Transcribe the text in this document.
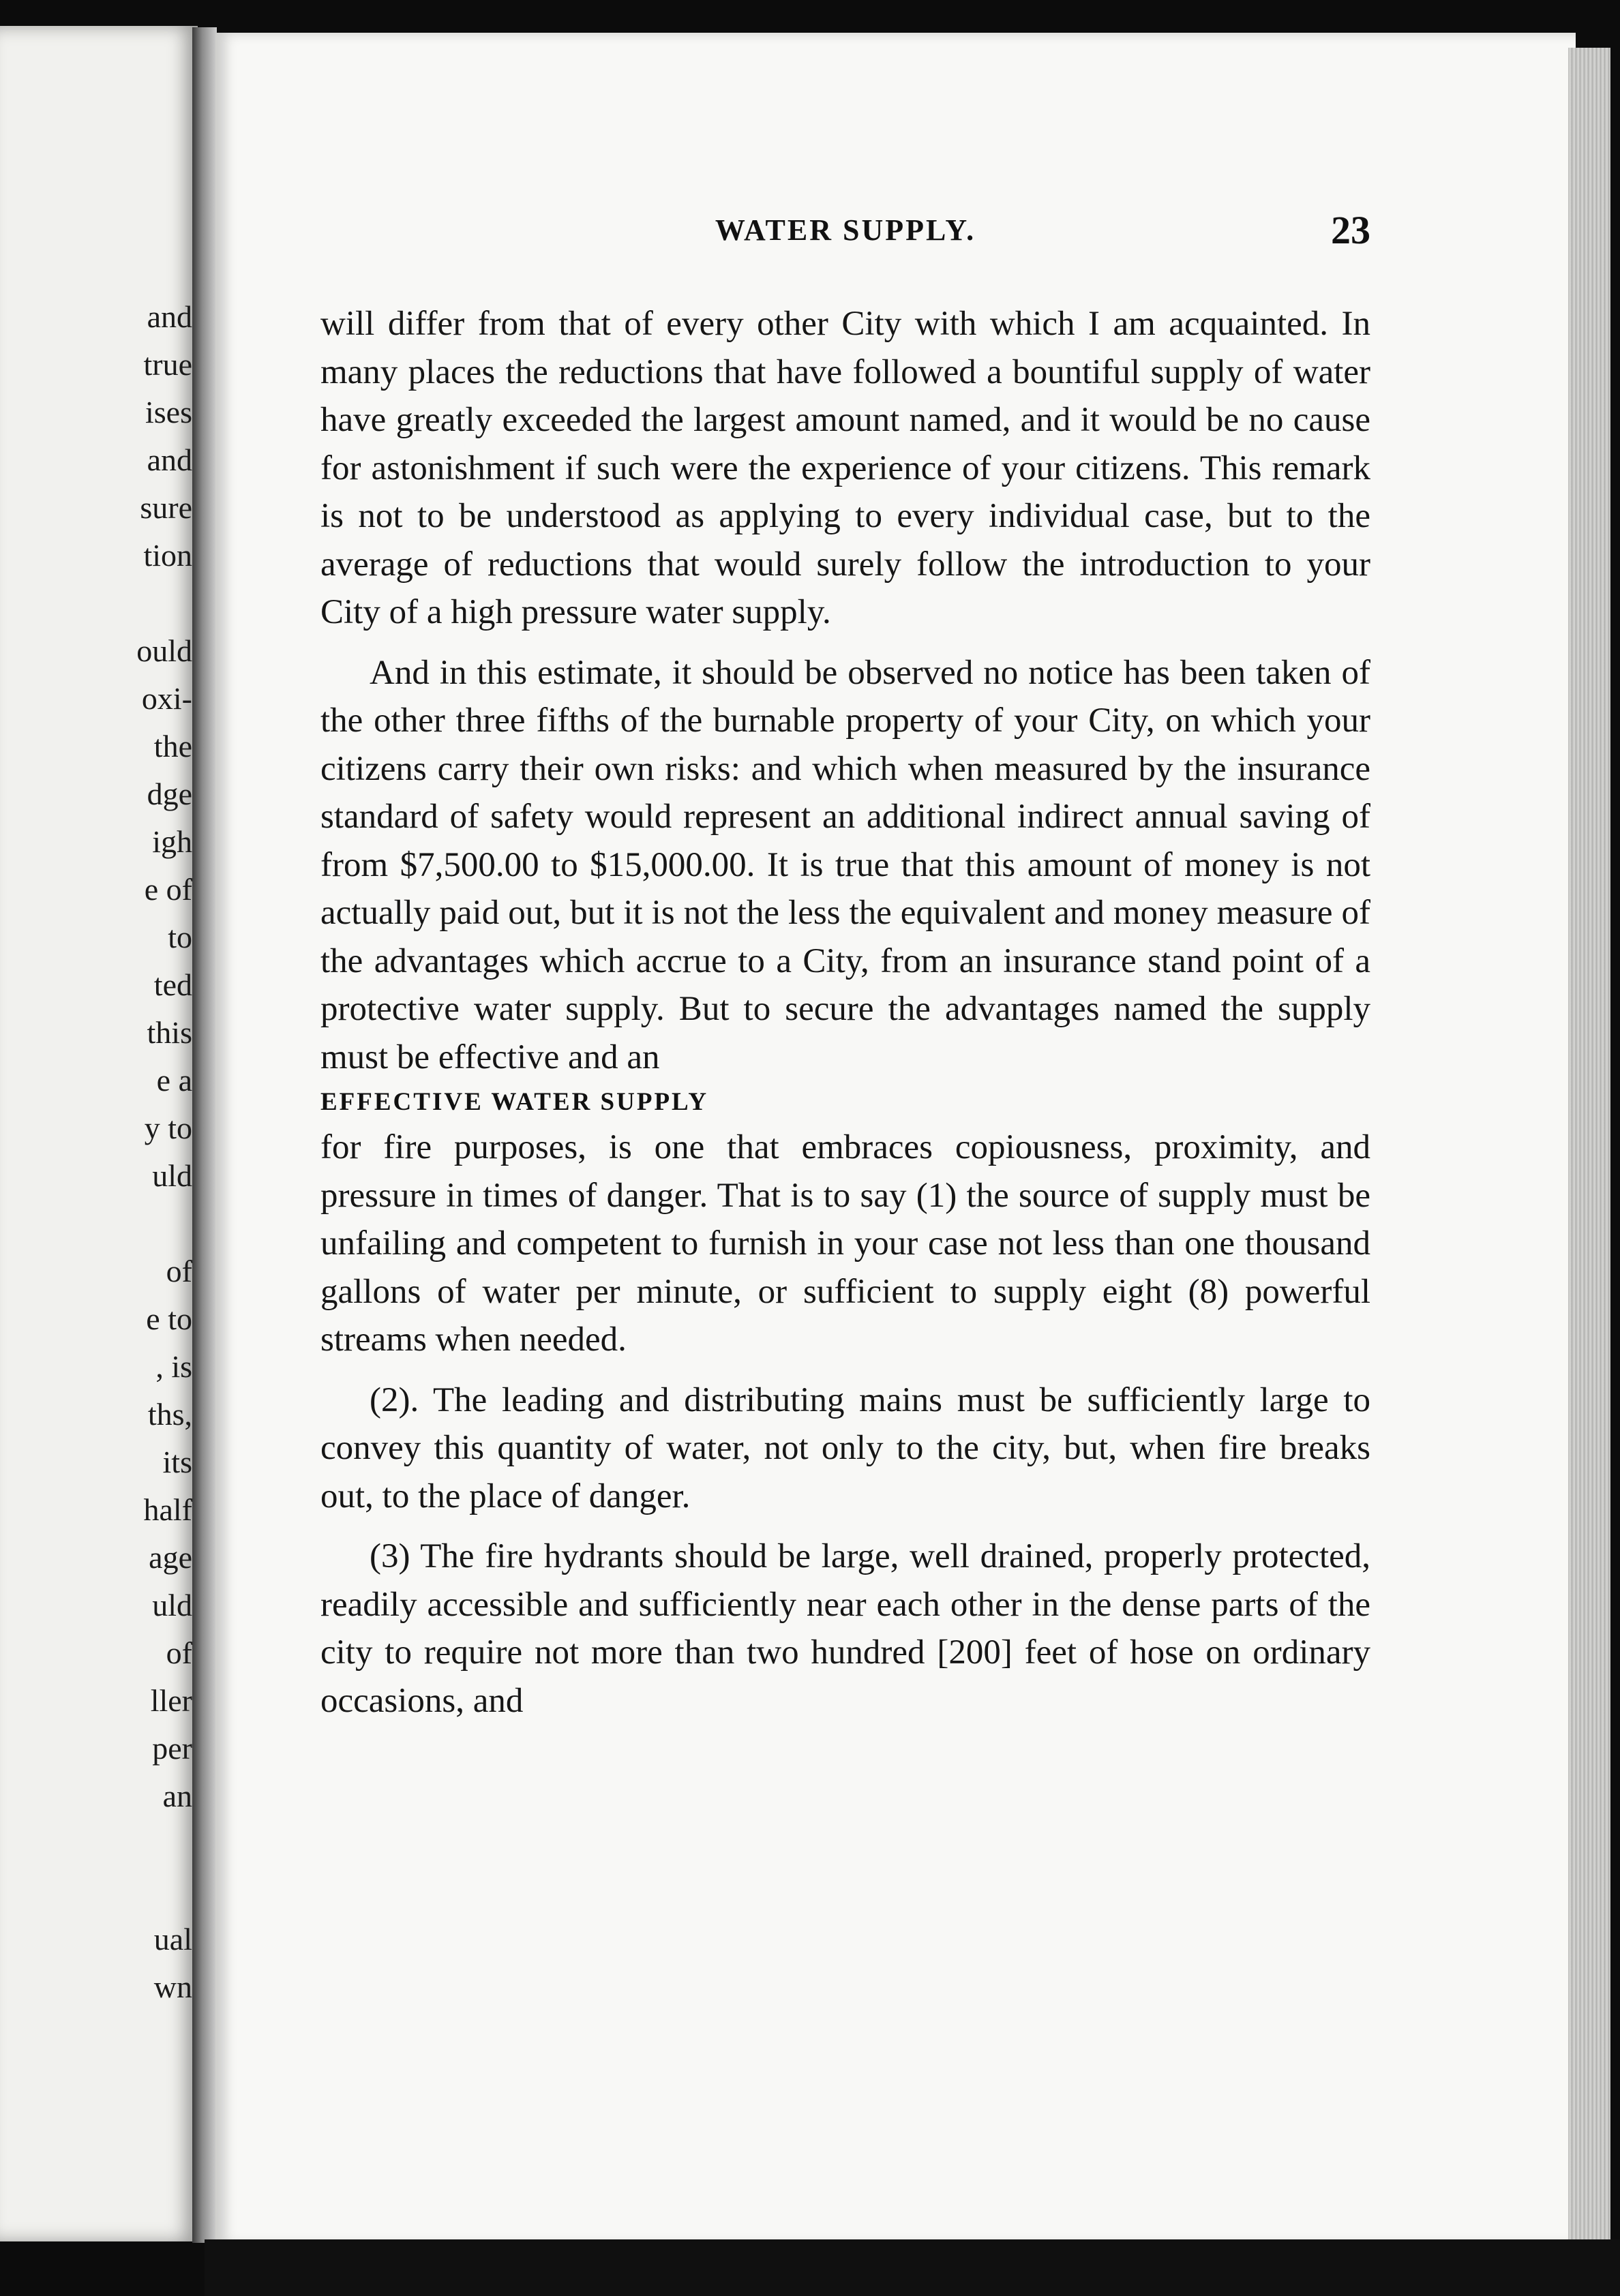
and
true
ises
and
sure
tion
ould
oxi-
the
dge
igh
e of
to
ted
this
e a
y to
uld
of
e to
, is
ths,
its
half
age
uld
of
ller
per
an
ual
wn
WATER SUPPLY.	23

will differ from that of every other City with which I am acquainted. In many places the reductions that have followed a bountiful supply of water have greatly exceeded the largest amount named, and it would be no cause for astonishment if such were the experience of your citizens. This remark is not to be understood as applying to every individual case, but to the average of reductions that would surely follow the introduction to your City of a high pressure water supply.

And in this estimate, it should be observed no notice has been taken of the other three fifths of the burnable property of your City, on which your citizens carry their own risks: and which when measured by the insurance standard of safety would represent an additional indirect annual saving of from $7,500.00 to $15,000.00. It is true that this amount of money is not actually paid out, but it is not the less the equivalent and money measure of the advantages which accrue to a City, from an insurance stand point of a protective water supply. But to secure the advantages named the supply must be effective and an

EFFECTIVE WATER SUPPLY

for fire purposes, is one that embraces copiousness, proximity, and pressure in times of danger. That is to say (1) the source of supply must be unfailing and competent to furnish in your case not less than one thousand gallons of water per minute, or sufficient to supply eight (8) powerful streams when needed.

(2). The leading and distributing mains must be sufficiently large to convey this quantity of water, not only to the city, but, when fire breaks out, to the place of danger.

(3) The fire hydrants should be large, well drained, properly protected, readily accessible and sufficiently near each other in the dense parts of the city to require not more than two hundred [200] feet of hose on ordinary occasions, and
